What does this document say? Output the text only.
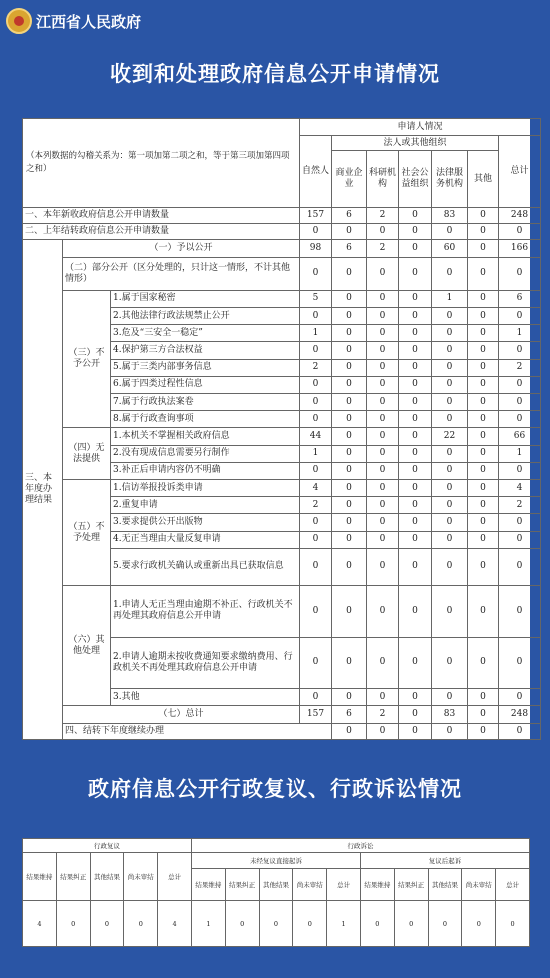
江西省人民政府
收到和处理政府信息公开申请情况
（本列数据的勾稽关系为：第一项加第二项之和，等于第三项加第四项之和）			申请人情况							
			自然人	法人或其他组织					总计	
				商业企业	科研机构	社会公益组织	法律服务机构	其他		
一、本年新收政府信息公开申请数量			157	6	2	0	83	0	248	
二、上年结转政府信息公开申请数量			0	0	0	0	0	0	0	
三、本年度办理结果	（一）予以公开		98	6	2	0	60	0	166	
	（二）部分公开（区分处理的，只计这一情形，不计其他情形）		0	0	0	0	0	0	0	
	（三）不予公开	1.属于国家秘密	5	0	0	0	1	0	6	
		2.其他法律行政法规禁止公开	0	0	0	0	0	0	0	
		3.危及“三安全一稳定”	1	0	0	0	0	0	1	
		4.保护第三方合法权益	0	0	0	0	0	0	0	
		5.属于三类内部事务信息	2	0	0	0	0	0	2	
		6.属于四类过程性信息	0	0	0	0	0	0	0	
		7.属于行政执法案卷	0	0	0	0	0	0	0	
		8.属于行政查询事项	0	0	0	0	0	0	0	
	（四）无法提供	1.本机关不掌握相关政府信息	44	0	0	0	22	0	66	
		2.没有现成信息需要另行制作	1	0	0	0	0	0	1	
		3.补正后申请内容仍不明确	0	0	0	0	0	0	0	
	（五）不予处理	1.信访举报投诉类申请	4	0	0	0	0	0	4	
		2.重复申请	2	0	0	0	0	0	2	
		3.要求提供公开出版物	0	0	0	0	0	0	0	
		4.无正当理由大量反复申请	0	0	0	0	0	0	0	
		5.要求行政机关确认或重新出具已获取信息	0	0	0	0	0	0	0	
	（六）其他处理	1.申请人无正当理由逾期不补正、行政机关不再处理其政府信息公开申请	0	0	0	0	0	0	0	
		2.申请人逾期未按收费通知要求缴纳费用、行政机关不再处理其政府信息公开申请	0	0	0	0	0	0	0	
		3.其他	0	0	0	0	0	0	0	
	（七）总计		157	6	2	0	83	0	248	
	四、结转下年度继续办理			0	0	0	0	0	0	
政府信息公开行政复议、行政诉讼情况
行政复议					行政诉讼									
结果维持	结果纠正	其他结果	尚未审结	总计	未经复议直接起诉					复议后起诉				
					结果维持	结果纠正	其他结果	尚未审结	总计	结果维持	结果纠正	其他结果	尚未审结	总计
4	0	0	0	4	1	0	0	0	1	0	0	0	0	0
